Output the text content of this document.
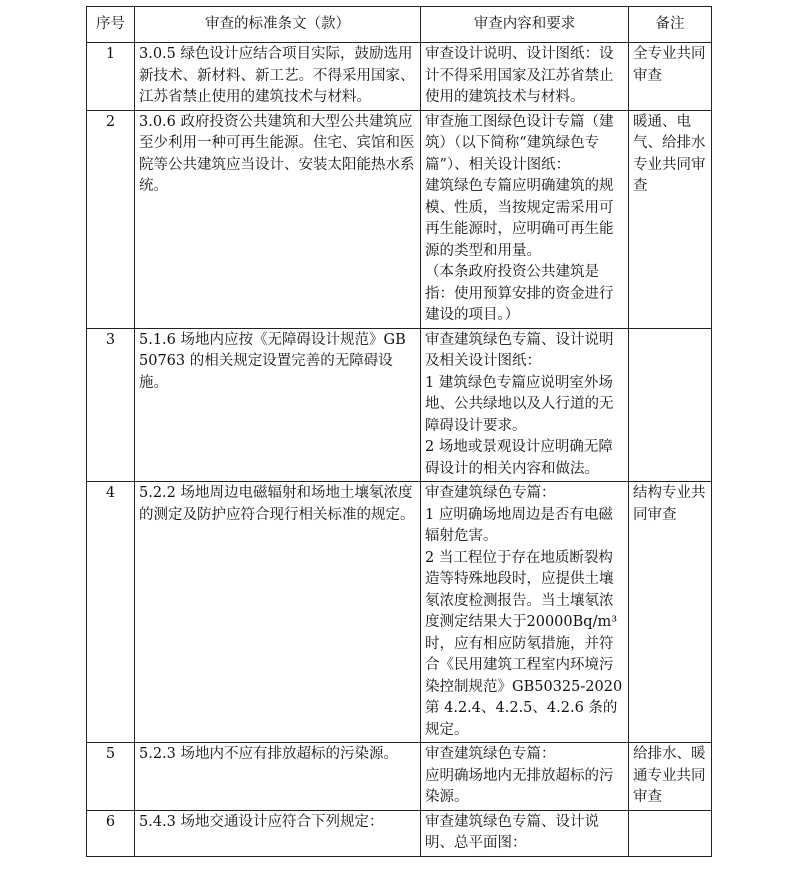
序号	审查的标准条文（款）	审查内容和要求	备注
1	3.0.5 绿色设计应结合项目实际，鼓励选用新技术、新材料、新工艺。不得采用国家、江苏省禁止使用的建筑技术与材料。	审查设计说明、设计图纸：设计不得采用国家及江苏省禁止使用的建筑技术与材料。	全专业共同审查
2	3.0.6 政府投资公共建筑和大型公共建筑应至少利用一种可再生能源。住宅、宾馆和医院等公共建筑应当设计、安装太阳能热水系统。	审查施工图绿色设计专篇（建筑）（以下简称“建筑绿色专篇”）、相关设计图纸：
建筑绿色专篇应明确建筑的规模、性质，当按规定需采用可再生能源时，应明确可再生能源的类型和用量。
（本条政府投资公共建筑是指：使用预算安排的资金进行建设的项目。）	暖通、电气、给排水专业共同审查
3	5.1.6 场地内应按《无障碍设计规范》GB 50763 的相关规定设置完善的无障碍设施。	审查建筑绿色专篇、设计说明及相关设计图纸：
1 建筑绿色专篇应说明室外场地、公共绿地以及人行道的无障碍设计要求。
2 场地或景观设计应明确无障碍设计的相关内容和做法。	

4	5.2.2 场地周边电磁辐射和场地土壤氡浓度的测定及防护应符合现行相关标准的规定。	审查建筑绿色专篇：
1 应明确场地周边是否有电磁辐射危害。
2 当工程位于存在地质断裂构造等特殊地段时，应提供土壤氡浓度检测报告。当土壤氡浓度测定结果大于20000Bq/m³时，应有相应防氡措施，并符合《民用建筑工程室内环境污染控制规范》GB50325-2020 第 4.2.4、4.2.5、4.2.6 条的规定。	结构专业共同审查
5	5.2.3 场地内不应有排放超标的污染源。	审查建筑绿色专篇：
应明确场地内无排放超标的污染源。	给排水、暖通专业共同审查
6	5.4.3 场地交通设计应符合下列规定：	审查建筑绿色专篇、设计说明、总平面图：	
